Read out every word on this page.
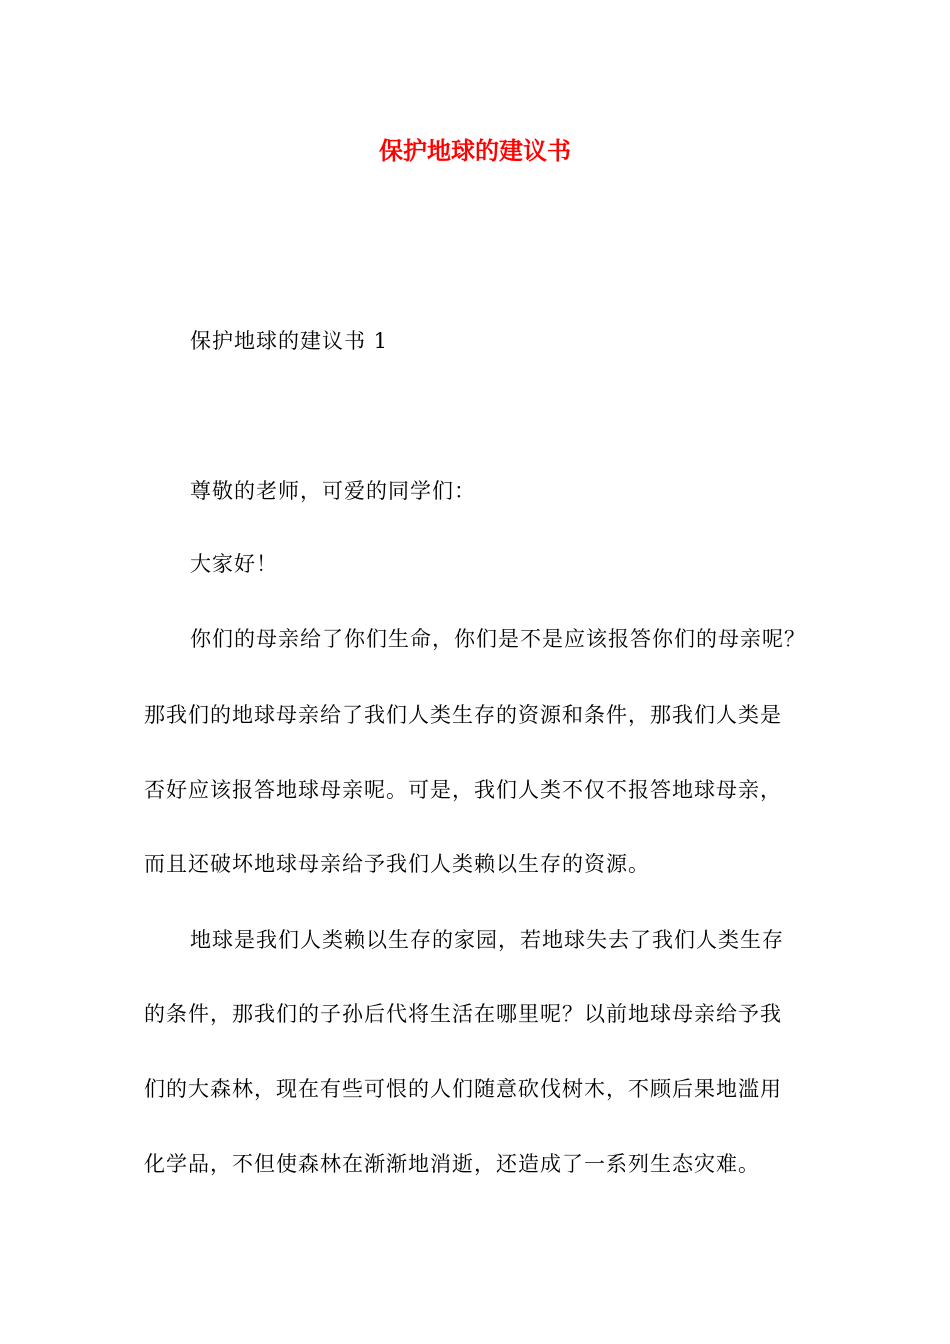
保护地球的建议书
保护地球的建议书 1
尊敬的老师，可爱的同学们：
大家好！
你们的母亲给了你们生命，你们是不是应该报答你们的母亲呢？
那我们的地球母亲给了我们人类生存的资源和条件，那我们人类是
否好应该报答地球母亲呢。可是，我们人类不仅不报答地球母亲，
而且还破坏地球母亲给予我们人类赖以生存的资源。
地球是我们人类赖以生存的家园，若地球失去了我们人类生存
的条件，那我们的子孙后代将生活在哪里呢？以前地球母亲给予我
们的大森林，现在有些可恨的人们随意砍伐树木，不顾后果地滥用
化学品，不但使森林在渐渐地消逝，还造成了一系列生态灾难。
